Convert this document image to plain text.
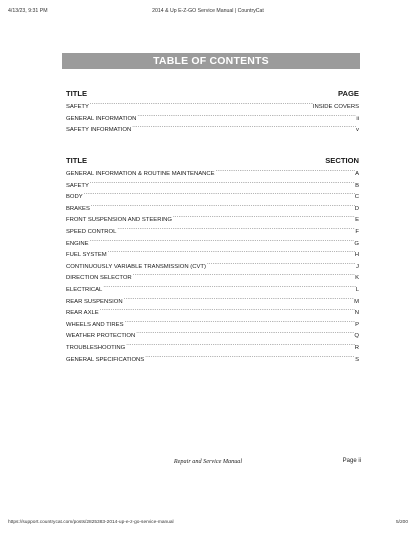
4/13/23, 9:31 PM	2014 & Up E-Z-GO Service Manual | CountryCat
TABLE OF CONTENTS
TITLE	PAGE
SAFETY .....	INSIDE COVERS
GENERAL INFORMATION .....	ii
SAFETY INFORMATION .....	v
TITLE	SECTION
GENERAL INFORMATION & ROUTINE MAINTENANCE .....	A
SAFETY .....	B
BODY .....	C
BRAKES .....	D
FRONT SUSPENSION AND STEERING .....	E
SPEED CONTROL .....	F
ENGINE .....	G
FUEL SYSTEM .....	H
CONTINUOUSLY VARIABLE TRANSMISSION (CVT) .....	J
DIRECTION SELECTOR .....	K
ELECTRICAL .....	L
REAR SUSPENSION .....	M
REAR AXLE .....	N
WHEELS AND TIRES .....	P
WEATHER PROTECTION .....	Q
TROUBLESHOOTING .....	R
GENERAL SPECIFICATIONS .....	S
Repair and Service Manual	Page ii
https://support.countrycat.com/posts/2825383-2014-up-e-z-go-service-manual	5/200
